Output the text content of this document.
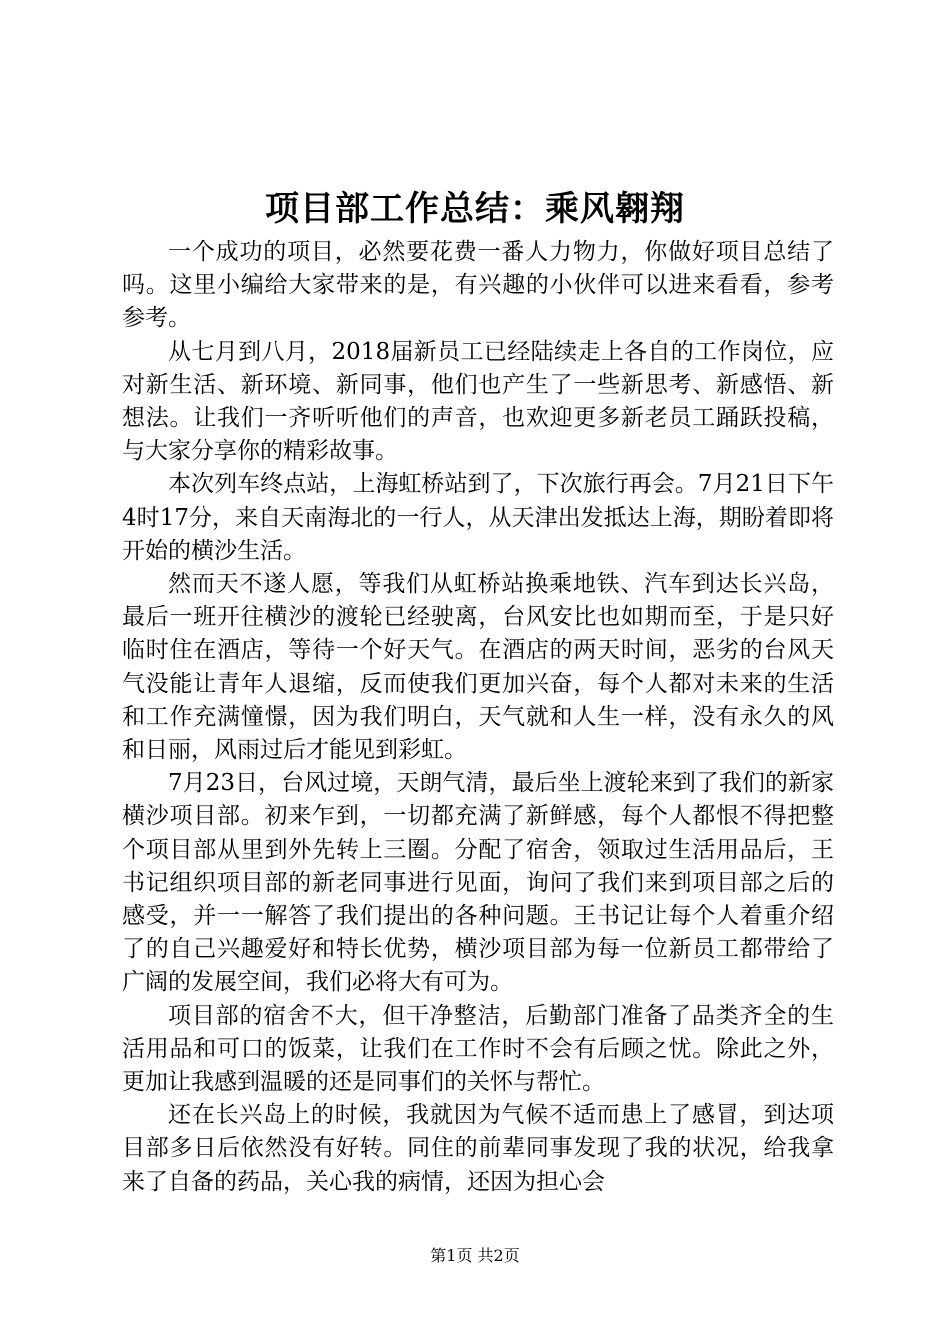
项目部工作总结：乘风翱翔

一个成功的项目，必然要花费一番人力物力，你做好项目总结了吗。这里小编给大家带来的是，有兴趣的小伙伴可以进来看看，参考参考。

从七月到八月，2018届新员工已经陆续走上各自的工作岗位，应对新生活、新环境、新同事，他们也产生了一些新思考、新感悟、新想法。让我们一齐听听他们的声音，也欢迎更多新老员工踊跃投稿，与大家分享你的精彩故事。

本次列车终点站，上海虹桥站到了，下次旅行再会。7月21日下午4时17分，来自天南海北的一行人，从天津出发抵达上海，期盼着即将开始的横沙生活。

然而天不遂人愿，等我们从虹桥站换乘地铁、汽车到达长兴岛，最后一班开往横沙的渡轮已经驶离，台风安比也如期而至，于是只好临时住在酒店，等待一个好天气。在酒店的两天时间，恶劣的台风天气没能让青年人退缩，反而使我们更加兴奋，每个人都对未来的生活和工作充满憧憬，因为我们明白，天气就和人生一样，没有永久的风和日丽，风雨过后才能见到彩虹。

7月23日，台风过境，天朗气清，最后坐上渡轮来到了我们的新家横沙项目部。初来乍到，一切都充满了新鲜感，每个人都恨不得把整个项目部从里到外先转上三圈。分配了宿舍，领取过生活用品后，王书记组织项目部的新老同事进行见面，询问了我们来到项目部之后的感受，并一一解答了我们提出的各种问题。王书记让每个人着重介绍了的自己兴趣爱好和特长优势，横沙项目部为每一位新员工都带给了广阔的发展空间，我们必将大有可为。

项目部的宿舍不大，但干净整洁，后勤部门准备了品类齐全的生活用品和可口的饭菜，让我们在工作时不会有后顾之忧。除此之外，更加让我感到温暖的还是同事们的关怀与帮忙。

还在长兴岛上的时候，我就因为气候不适而患上了感冒，到达项目部多日后依然没有好转。同住的前辈同事发现了我的状况，给我拿来了自备的药品，关心我的病情，还因为担心会

第1页 共2页
